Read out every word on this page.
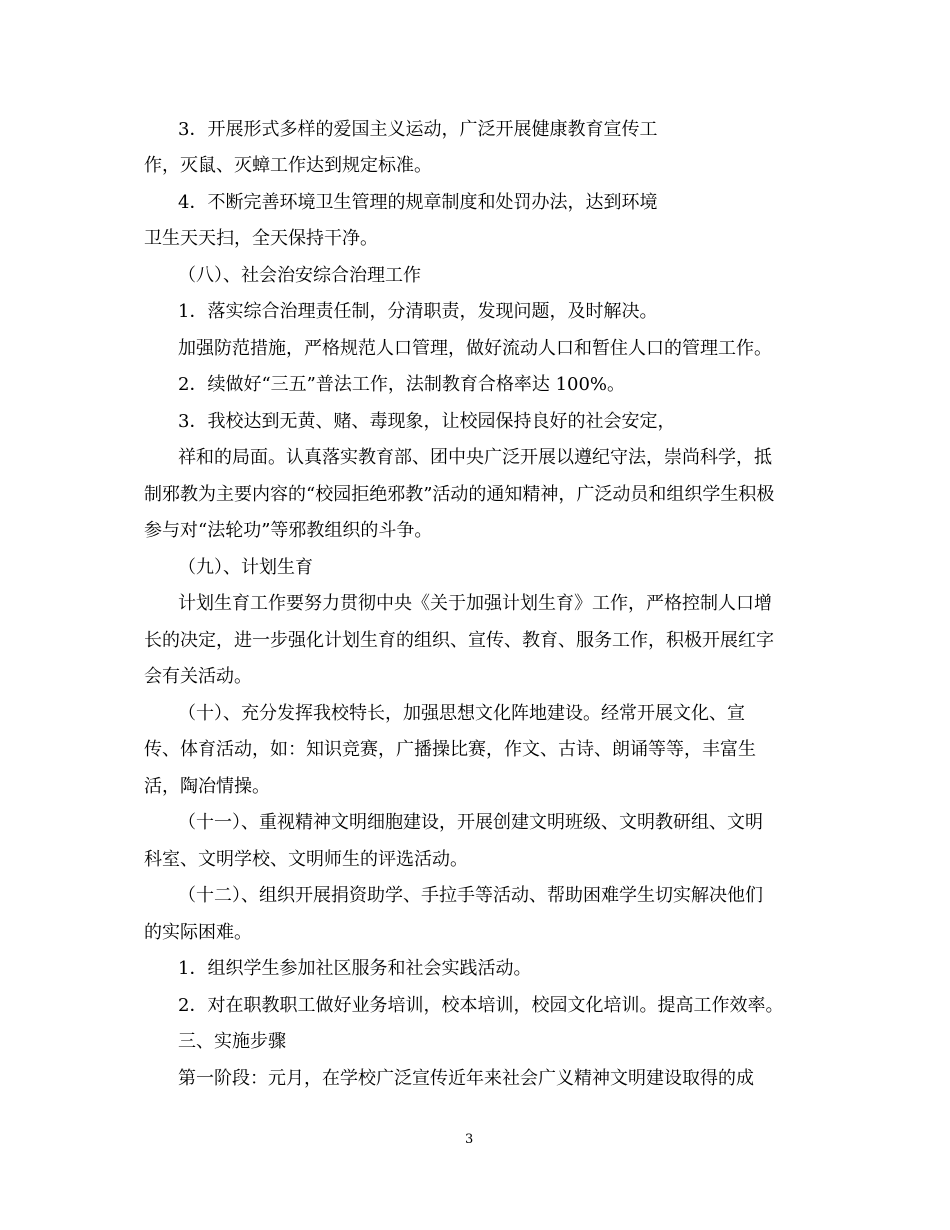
3．开展形式多样的爱国主义运动，广泛开展健康教育宣传工
作，灭鼠、灭蟑工作达到规定标准。
4．不断完善环境卫生管理的规章制度和处罚办法，达到环境
卫生天天扫，全天保持干净。
（八）、社会治安综合治理工作
1．落实综合治理责任制，分清职责，发现问题，及时解决。
加强防范措施，严格规范人口管理，做好流动人口和暂住人口的管理工作。
2．续做好“三五”普法工作，法制教育合格率达 100%。
3．我校达到无黄、赌、毒现象，让校园保持良好的社会安定，
祥和的局面。认真落实教育部、团中央广泛开展以遵纪守法，崇尚科学，抵
制邪教为主要内容的“校园拒绝邪教”活动的通知精神，广泛动员和组织学生积极
参与对“法轮功”等邪教组织的斗争。
（九）、计划生育
计划生育工作要努力贯彻中央《关于加强计划生育》工作，严格控制人口增
长的决定，进一步强化计划生育的组织、宣传、教育、服务工作，积极开展红字
会有关活动。
（十）、充分发挥我校特长，加强思想文化阵地建设。经常开展文化、宣
传、体育活动，如：知识竞赛，广播操比赛，作文、古诗、朗诵等等，丰富生
活，陶冶情操。
（十一）、重视精神文明细胞建设，开展创建文明班级、文明教研组、文明
科室、文明学校、文明师生的评选活动。
（十二）、组织开展捐资助学、手拉手等活动、帮助困难学生切实解决他们
的实际困难。
1．组织学生参加社区服务和社会实践活动。
2．对在职教职工做好业务培训，校本培训，校园文化培训。提高工作效率。
三、实施步骤
第一阶段：元月，在学校广泛宣传近年来社会广义精神文明建设取得的成
3
